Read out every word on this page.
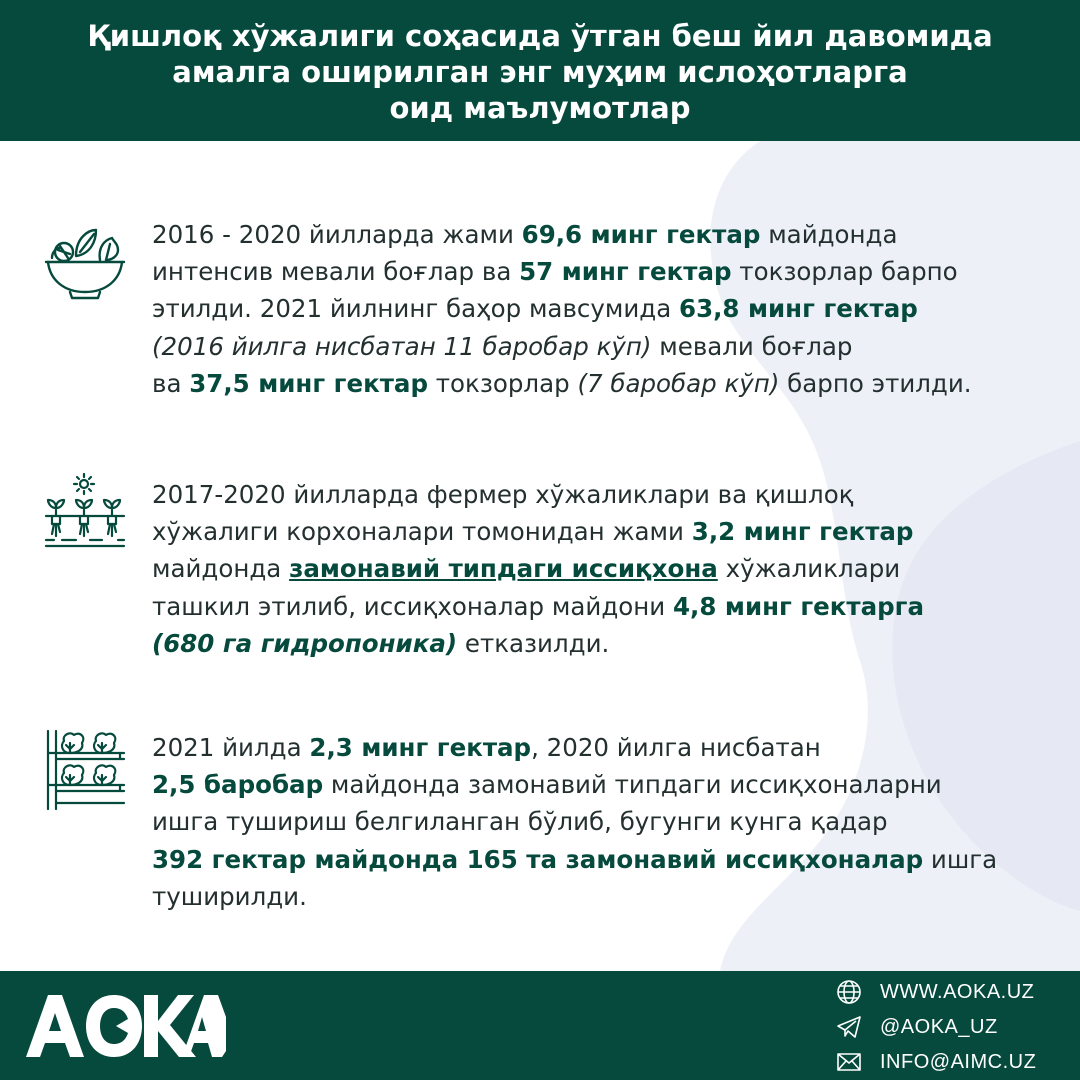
Қишлоқ хўжалиги соҳасида ўтган беш йил давомида
амалга оширилган энг муҳим ислоҳотларга
оид маълумотлар
2016 - 2020 йилларда жами 69,6 минг гектар майдонда
интенсив мевали боғлар ва 57 минг гектар токзорлар барпо
этилди. 2021 йилнинг баҳор мавсумида 63,8 минг гектар
(2016 йилга нисбатан 11 баробар кўп) мевали боғлар
ва 37,5 минг гектар токзорлар (7 баробар кўп) барпо этилди.
2017-2020 йилларда фермер хўжаликлари ва қишлоқ
хўжалиги корхоналари томонидан жами 3,2 минг гектар
майдонда замонавий типдаги иссиқхона хўжаликлари
ташкил этилиб, иссиқхоналар майдони 4,8 минг гектарга
(680 га гидропоника) етказилди.
2021 йилда 2,3 минг гектар, 2020 йилга нисбатан
2,5 баробар майдонда замонавий типдаги иссиқхоналарни
ишга тушириш белгиланган бўлиб, бугунги кунга қадар
392 гектар майдонда 165 та замонавий иссиқхоналар ишга
туширилди.
WWW.AOKA.UZ
@AOKA_UZ
INFO@AIMC.UZ
